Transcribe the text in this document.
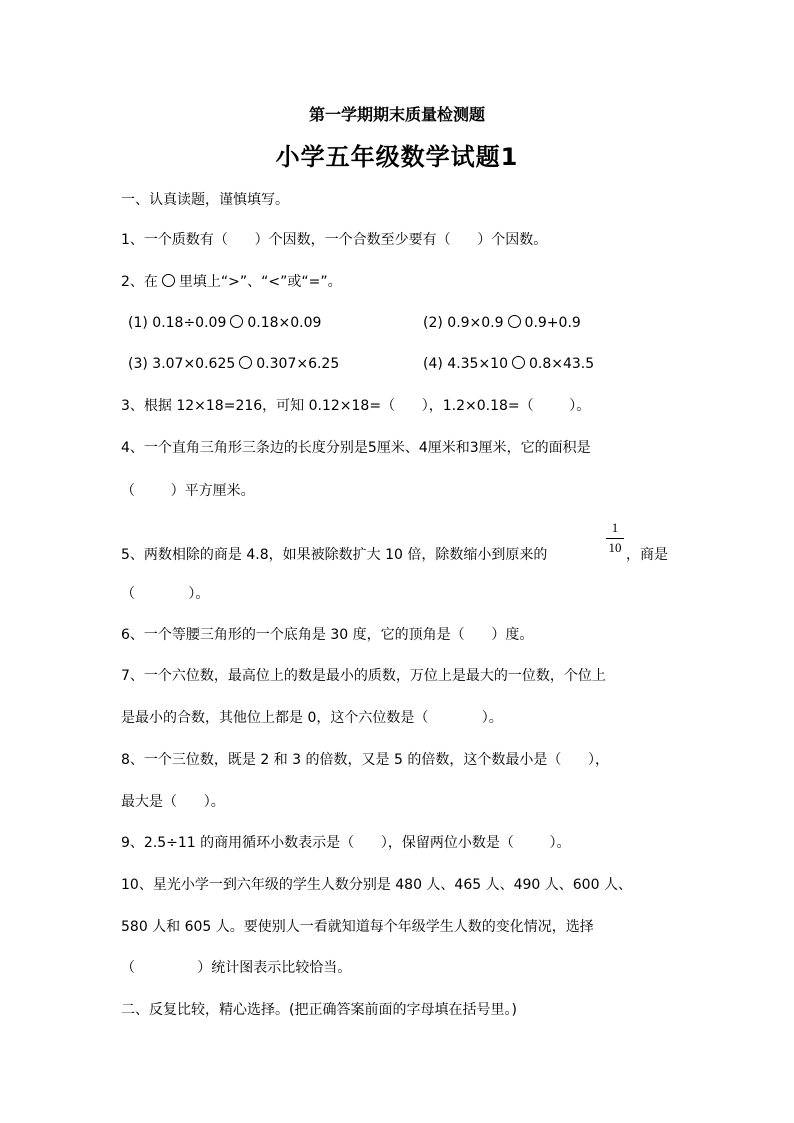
第一学期期末质量检测题
小学五年级数学试题1
一、认真读题，谨慎填写。
1、一个质数有（      ）个因数，一个合数至少要有（      ）个因数。
2、在 里填上“>”、“<”或“=”。
(1) 0.18÷0.09 0.18×0.09	(2) 0.9×0.9 0.9+0.9
(3) 3.07×0.625 0.307×6.25	(4) 4.35×10 0.8×43.5
3、根据 12×18=216，可知 0.12×18=（      ），1.2×0.18=（        ）。
4、一个直角三角形三条边的长度分别是5厘米、4厘米和3厘米，它的面积是
（        ）平方厘米。
1
10
5、两数相除的商是 4.8，如果被除数扩大 10 倍，除数缩小到原来的	，商是
（            ）。
6、一个等腰三角形的一个底角是 30 度，它的顶角是（      ）度。
7、一个六位数，最高位上的数是最小的质数，万位上是最大的一位数，个位上
是最小的合数，其他位上都是 0，这个六位数是（            ）。
8、一个三位数，既是 2 和 3 的倍数，又是 5 的倍数，这个数最小是（      ），
最大是（      ）。
9、2.5÷11 的商用循环小数表示是（      ），保留两位小数是（        ）。
10、星光小学一到六年级的学生人数分别是 480 人、465 人、490 人、600 人、
580 人和 605 人。要使别人一看就知道每个年级学生人数的变化情况，选择
（              ）统计图表示比较恰当。
二、反复比较，精心选择。(把正确答案前面的字母填在括号里。)
